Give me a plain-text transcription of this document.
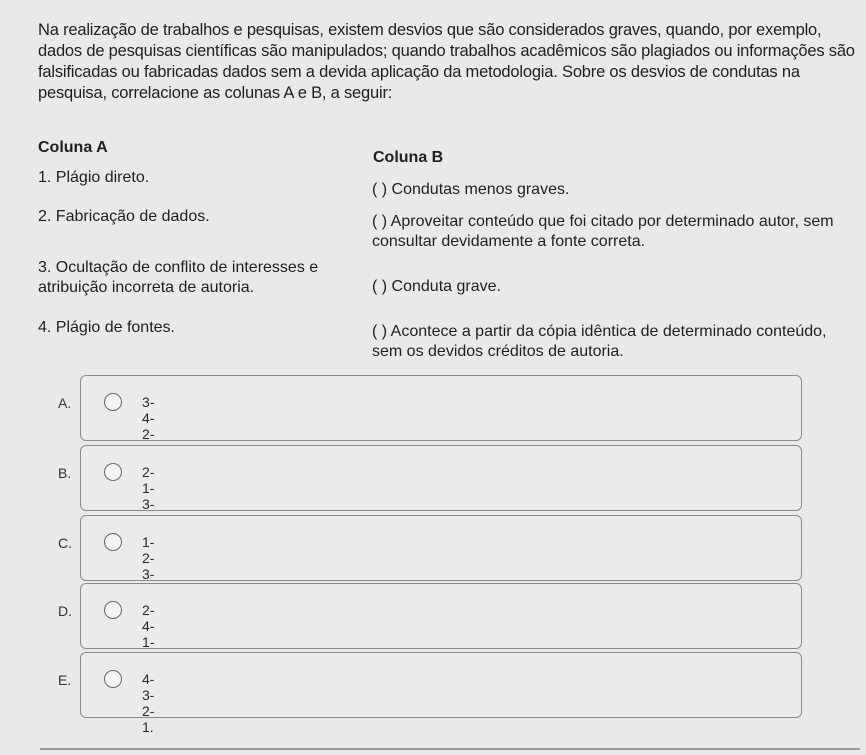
Na realização de trabalhos e pesquisas, existem desvios que são considerados graves, quando, por exemplo, dados de pesquisas científicas são manipulados; quando trabalhos acadêmicos são plagiados ou informações são falsificadas ou fabricadas dados sem a devida aplicação da metodologia. Sobre os desvios de condutas na pesquisa, correlacione as colunas A e B, a seguir:
Coluna A
Coluna B
1. Plágio direto.
2. Fabricação de dados.
3. Ocultação de conflito de interesses e atribuição incorreta de autoria.
4. Plágio de fontes.
( ) Condutas menos graves.
( ) Aproveitar conteúdo que foi citado por determinado autor, sem consultar devidamente a fonte correta.
( ) Conduta grave.
( ) Acontece a partir da cópia idêntica de determinado conteúdo, sem os devidos créditos de autoria.
A.	3-4-2-
B.	2-1-3-
C.	1-2-3-
D.	2-4-1-
E.	4-3-2-1.
